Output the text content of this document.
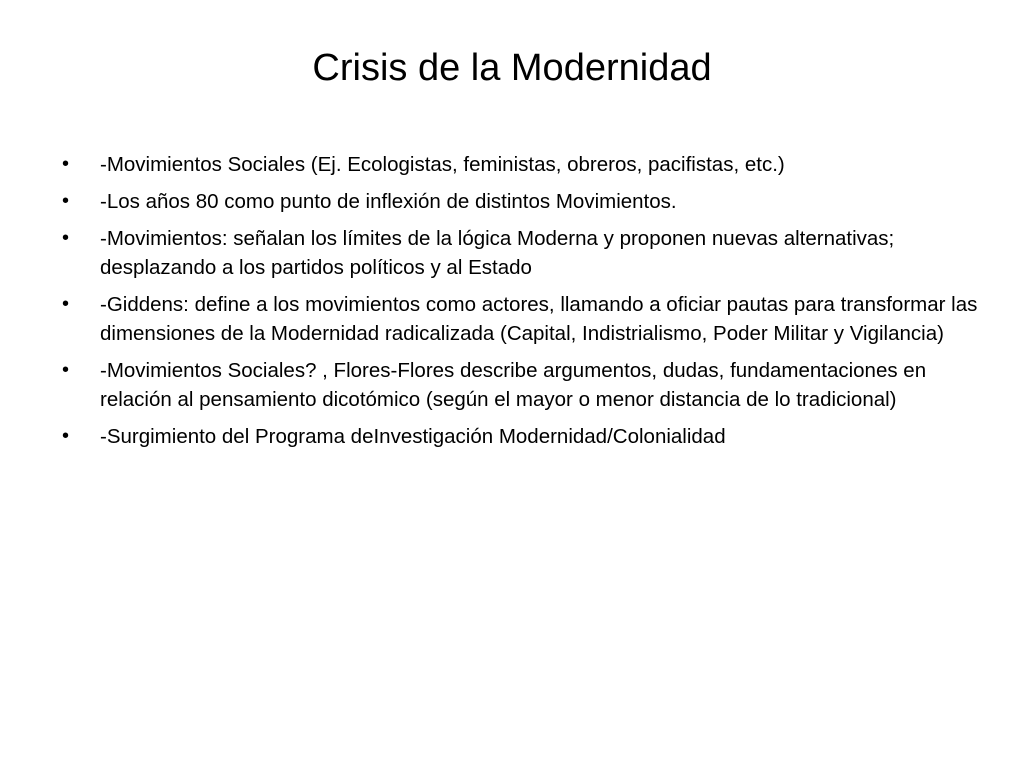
Crisis de la Modernidad
•	-Movimientos Sociales (Ej. Ecologistas, feministas, obreros, pacifistas, etc.)
•	-Los años 80 como punto de inflexión de distintos Movimientos.
•	-Movimientos: señalan los límites de la lógica Moderna y proponen nuevas alternativas; desplazando a los partidos políticos y al Estado
•	-Giddens: define a los movimientos como actores, llamando a oficiar pautas para transformar las dimensiones de la Modernidad radicalizada (Capital, Indistrialismo, Poder Militar y Vigilancia)
•	-Movimientos Sociales? , Flores-Flores describe argumentos, dudas, fundamentaciones en relación al pensamiento dicotómico (según el mayor o menor distancia de lo tradicional)
•	-Surgimiento del Programa deInvestigación Modernidad/Colonialidad
